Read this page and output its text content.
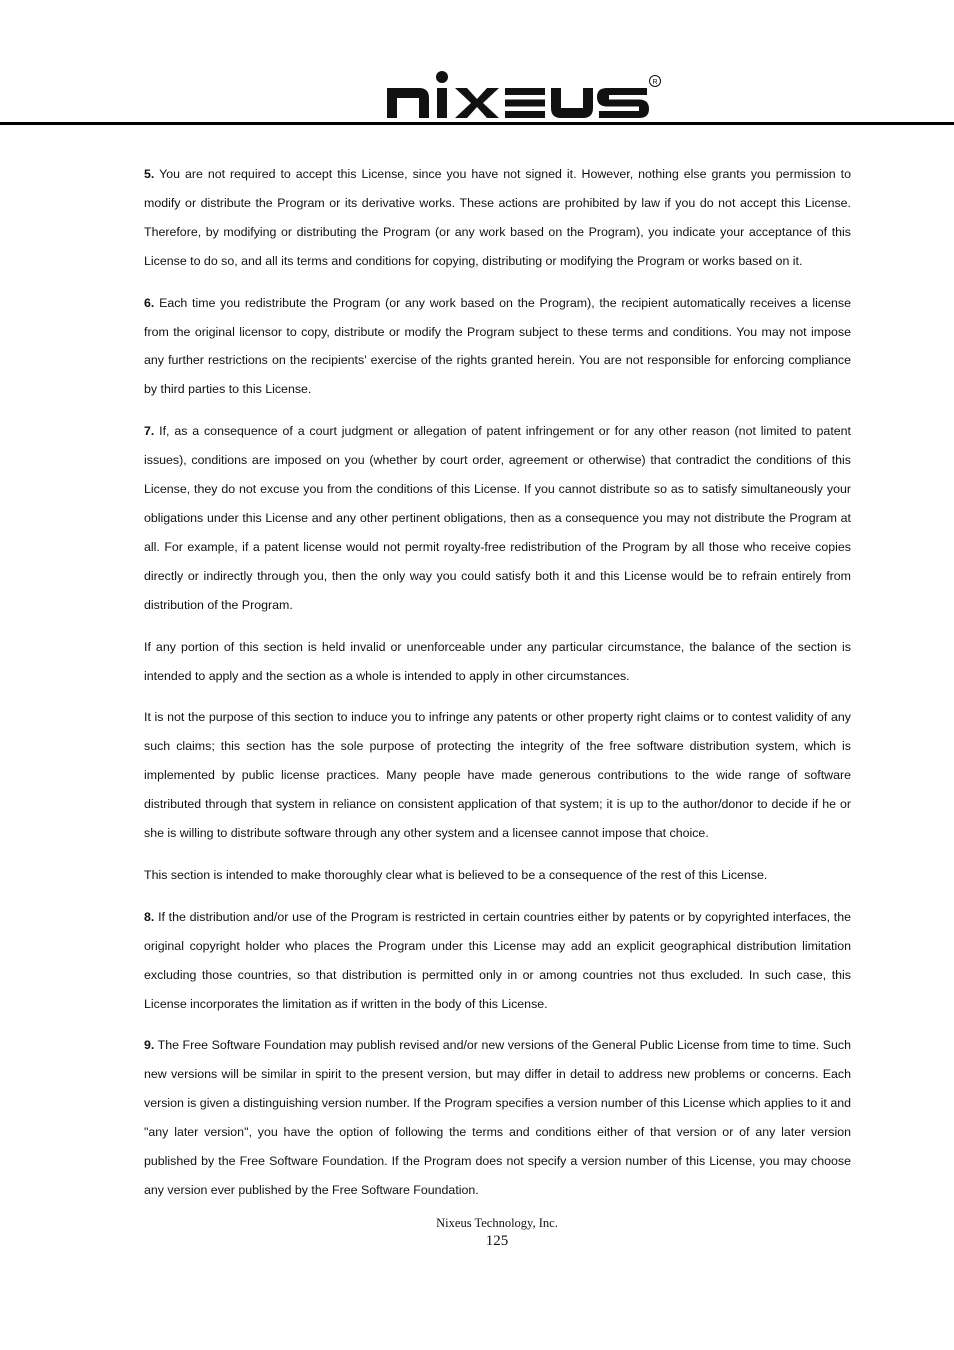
R

5. You are not required to accept this License, since you have not signed it. However, nothing else grants you permission to modify or distribute the Program or its derivative works. These actions are prohibited by law if you do not accept this License. Therefore, by modifying or distributing the Program (or any work based on the Program), you indicate your acceptance of this License to do so, and all its terms and conditions for copying, distributing or modifying the Program or works based on it.

6. Each time you redistribute the Program (or any work based on the Program), the recipient automatically receives a license from the original licensor to copy, distribute or modify the Program subject to these terms and conditions. You may not impose any further restrictions on the recipients' exercise of the rights granted herein. You are not responsible for enforcing compliance by third parties to this License.

7. If, as a consequence of a court judgment or allegation of patent infringement or for any other reason (not limited to patent issues), conditions are imposed on you (whether by court order, agreement or otherwise) that contradict the conditions of this License, they do not excuse you from the conditions of this License. If you cannot distribute so as to satisfy simultaneously your obligations under this License and any other pertinent obligations, then as a consequence you may not distribute the Program at all. For example, if a patent license would not permit royalty-free redistribution of the Program by all those who receive copies directly or indirectly through you, then the only way you could satisfy both it and this License would be to refrain entirely from distribution of the Program.

If any portion of this section is held invalid or unenforceable under any particular circumstance, the balance of the section is intended to apply and the section as a whole is intended to apply in other circumstances.

It is not the purpose of this section to induce you to infringe any patents or other property right claims or to contest validity of any such claims; this section has the sole purpose of protecting the integrity of the free software distribution system, which is implemented by public license practices. Many people have made generous contributions to the wide range of software distributed through that system in reliance on consistent application of that system; it is up to the author/donor to decide if he or she is willing to distribute software through any other system and a licensee cannot impose that choice.

This section is intended to make thoroughly clear what is believed to be a consequence of the rest of this License.

8. If the distribution and/or use of the Program is restricted in certain countries either by patents or by copyrighted interfaces, the original copyright holder who places the Program under this License may add an explicit geographical distribution limitation excluding those countries, so that distribution is permitted only in or among countries not thus excluded. In such case, this License incorporates the limitation as if written in the body of this License.

9. The Free Software Foundation may publish revised and/or new versions of the General Public License from time to time. Such new versions will be similar in spirit to the present version, but may differ in detail to address new problems or concerns. Each version is given a distinguishing version number. If the Program specifies a version number of this License which applies to it and "any later version", you have the option of following the terms and conditions either of that version or of any later version published by the Free Software Foundation. If the Program does not specify a version number of this License, you may choose any version ever published by the Free Software Foundation.

Nixeus Technology, Inc.
125
